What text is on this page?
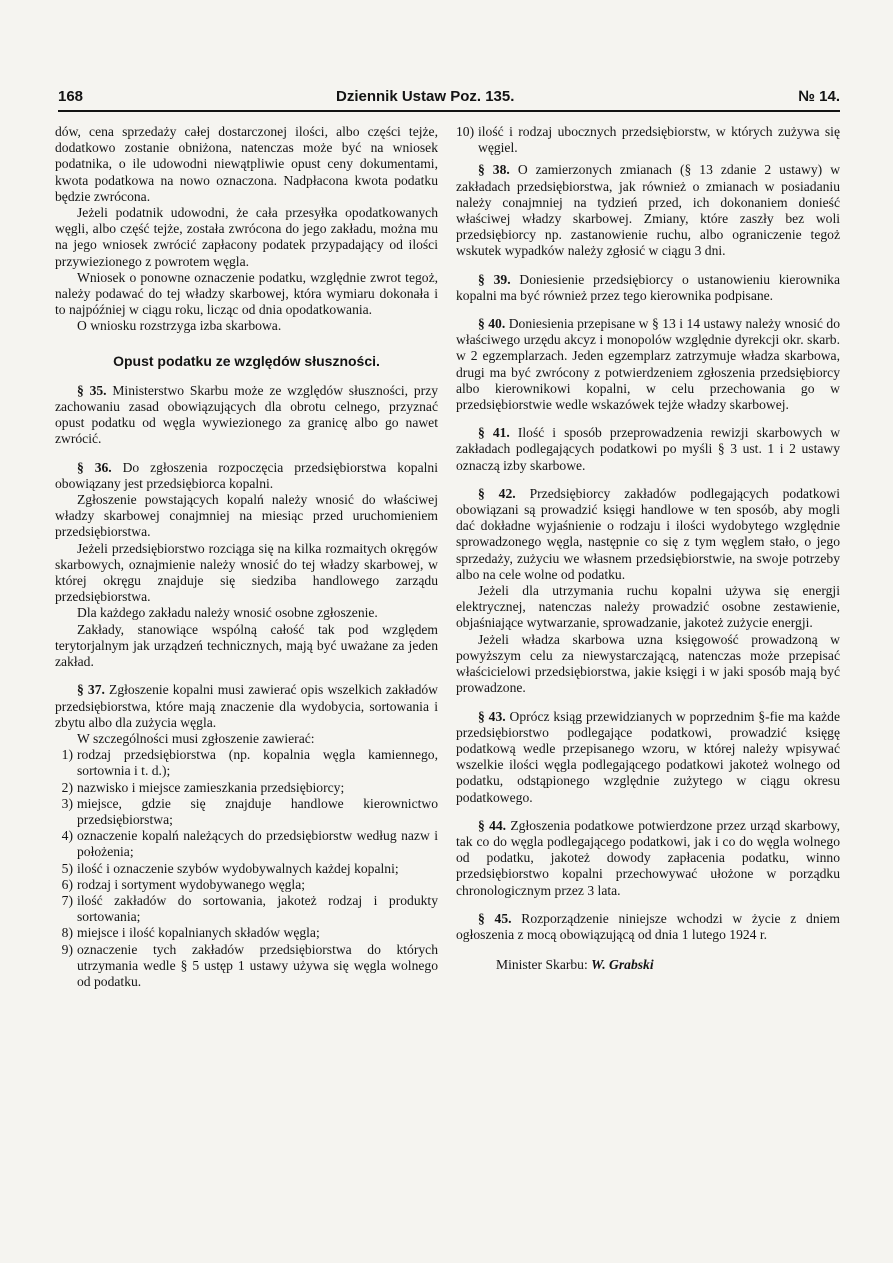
168	Dziennik Ustaw Poz. 135.	№ 14.

dów, cena sprzedaży całej dostarczonej ilości, albo części tejże, dodatkowo zostanie obniżona, natenczas może być na wniosek podatnika, o ile udowodni niewątpliwie opust ceny dokumentami, kwota podatkowa na nowo oznaczona. Nadpłacona kwota podatku będzie zwrócona.

Jeżeli podatnik udowodni, że cała przesyłka opodatkowanych węgli, albo część tejże, została zwrócona do jego zakładu, można mu na jego wniosek zwrócić zapłacony podatek przypadający od ilości przywiezionego z powrotem węgla.

Wniosek o ponowne oznaczenie podatku, względnie zwrot tegoż, należy podawać do tej władzy skarbowej, która wymiaru dokonała i to najpóźniej w ciągu roku, licząc od dnia opodatkowania.

O wniosku rozstrzyga izba skarbowa.

Opust podatku ze względów słuszności.

§ 35. Ministerstwo Skarbu może ze względów słuszności, przy zachowaniu zasad obowiązujących dla obrotu celnego, przyznać opust podatku od węgla wywiezionego za granicę albo go nawet zwrócić.

§ 36. Do zgłoszenia rozpoczęcia przedsiębiorstwa kopalni obowiązany jest przedsiębiorca kopalni.

Zgłoszenie powstających kopalń należy wnosić do właściwej władzy skarbowej conajmniej na miesiąc przed uruchomieniem przedsiębiorstwa.

Jeżeli przedsiębiorstwo rozciąga się na kilka rozmaitych okręgów skarbowych, oznajmienie należy wnosić do tej władzy skarbowej, w której okręgu znajduje się siedziba handlowego zarządu przedsiębiorstwa.

Dla każdego zakładu należy wnosić osobne zgłoszenie.

Zakłady, stanowiące wspólną całość tak pod względem terytorjalnym jak urządzeń technicznych, mają być uważane za jeden zakład.

§ 37. Zgłoszenie kopalni musi zawierać opis wszelkich zakładów przedsiębiorstwa, które mają znaczenie dla wydobycia, sortowania i zbytu albo dla zużycia węgla.

W szczególności musi zgłoszenie zawierać:

1) rodzaj przedsiębiorstwa (np. kopalnia węgla kamiennego, sortownia i t. d.);
2) nazwisko i miejsce zamieszkania przedsiębiorcy;
3) miejsce, gdzie się znajduje handlowe kierownictwo przedsiębiorstwa;
4) oznaczenie kopalń należących do przedsiębiorstw według nazw i położenia;
5) ilość i oznaczenie szybów wydobywalnych każdej kopalni;
6) rodzaj i sortyment wydobywanego węgla;
7) ilość zakładów do sortowania, jakoteż rodzaj i produkty sortowania;
8) miejsce i ilość kopalnianych składów węgla;
9) oznaczenie tych zakładów przedsiębiorstwa do których utrzymania wedle § 5 ustęp 1 ustawy używa się węgla wolnego od podatku.
10) ilość i rodzaj ubocznych przedsiębiorstw, w których zużywa się węgiel.

§ 38. O zamierzonych zmianach (§ 13 zdanie 2 ustawy) w zakładach przedsiębiorstwa, jak również o zmianach w posiadaniu należy conajmniej na tydzień przed, ich dokonaniem donieść właściwej władzy skarbowej. Zmiany, które zaszły bez woli przedsiębiorcy np. zastanowienie ruchu, albo ograniczenie tegoż wskutek wypadków należy zgłosić w ciągu 3 dni.

§ 39. Doniesienie przedsiębiorcy o ustanowieniu kierownika kopalni ma być również przez tego kierownika podpisane.

§ 40. Doniesienia przepisane w § 13 i 14 ustawy należy wnosić do właściwego urzędu akcyz i monopolów względnie dyrekcji okr. skarb. w 2 egzemplarzach. Jeden egzemplarz zatrzymuje władza skarbowa, drugi ma być zwrócony z potwierdzeniem zgłoszenia przedsiębiorcy albo kierownikowi kopalni, w celu przechowania go w przedsiębiorstwie wedle wskazówek tejże władzy skarbowej.

§ 41. Ilość i sposób przeprowadzenia rewizji skarbowych w zakładach podlegających podatkowi po myśli § 3 ust. 1 i 2 ustawy oznaczą izby skarbowe.

§ 42. Przedsiębiorcy zakładów podlegających podatkowi obowiązani są prowadzić księgi handlowe w ten sposób, aby mogli dać dokładne wyjaśnienie o rodzaju i ilości wydobytego względnie sprowadzonego węgla, następnie co się z tym węglem stało, o jego sprzedaży, zużyciu we własnem przedsiębiorstwie, na swoje potrzeby albo na cele wolne od podatku.

Jeżeli dla utrzymania ruchu kopalni używa się energji elektrycznej, natenczas należy prowadzić osobne zestawienie, objaśniające wytwarzanie, sprowadzanie, jakoteż zużycie energji.

Jeżeli władza skarbowa uzna księgowość prowadzoną w powyższym celu za niewystarczającą, natenczas może przepisać właścicielowi przedsiębiorstwa, jakie księgi i w jaki sposób mają być prowadzone.

§ 43. Oprócz ksiąg przewidzianych w poprzednim §-fie ma każde przedsiębiorstwo podlegające podatkowi, prowadzić księgę podatkową wedle przepisanego wzoru, w której należy wpisywać wszelkie ilości węgla podlegającego podatkowi jakoteż wolnego od podatku, odstąpionego względnie zużytego w ciągu okresu podatkowego.

§ 44. Zgłoszenia podatkowe potwierdzone przez urząd skarbowy, tak co do węgla podlegającego podatkowi, jak i co do węgla wolnego od podatku, jakoteż dowody zapłacenia podatku, winno przedsiębiorstwo kopalni przechowywać ułożone w porządku chronologicznym przez 3 lata.

§ 45. Rozporządzenie niniejsze wchodzi w życie z dniem ogłoszenia z mocą obowiązującą od dnia 1 lutego 1924 r.

Minister Skarbu: W. Grabski
